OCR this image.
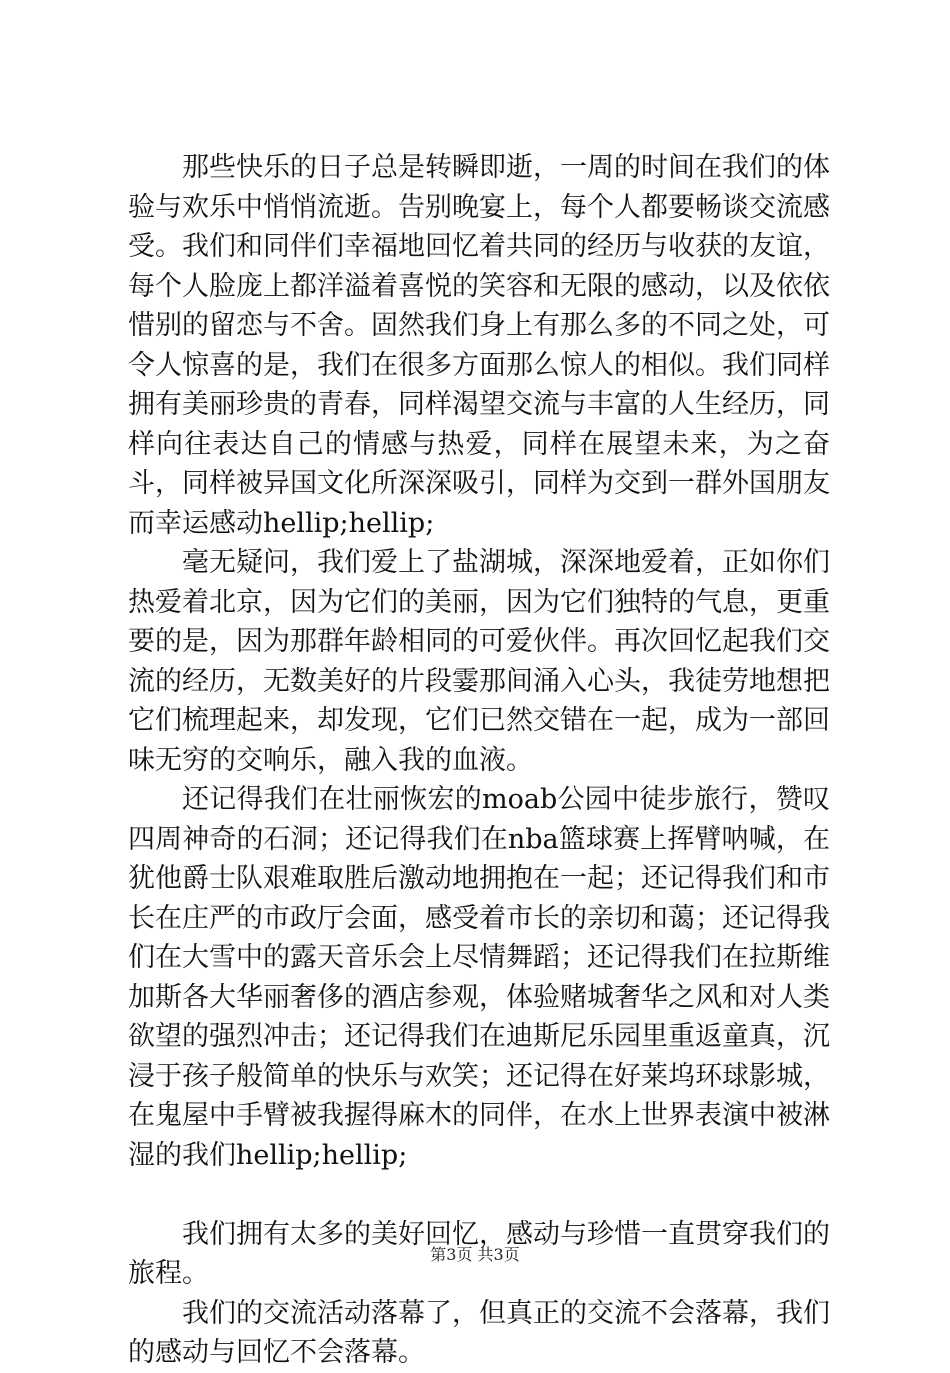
那些快乐的日子总是转瞬即逝，一周的时间在我们的体验与欢乐中悄悄流逝。告别晚宴上，每个人都要畅谈交流感受。我们和同伴们幸福地回忆着共同的经历与收获的友谊，每个人脸庞上都洋溢着喜悦的笑容和无限的感动，以及依依惜别的留恋与不舍。固然我们身上有那么多的不同之处，可令人惊喜的是，我们在很多方面那么惊人的相似。我们同样拥有美丽珍贵的青春，同样渴望交流与丰富的人生经历，同样向往表达自己的情感与热爱，同样在展望未来，为之奋斗，同样被异国文化所深深吸引，同样为交到一群外国朋友而幸运感动hellip;hellip;

毫无疑问，我们爱上了盐湖城，深深地爱着，正如你们热爱着北京，因为它们的美丽，因为它们独特的气息，更重要的是，因为那群年龄相同的可爱伙伴。再次回忆起我们交流的经历，无数美好的片段霎那间涌入心头，我徒劳地想把它们梳理起来，却发现，它们已然交错在一起，成为一部回味无穷的交响乐，融入我的血液。

还记得我们在壮丽恢宏的moab公园中徒步旅行，赞叹四周神奇的石洞；还记得我们在nba篮球赛上挥臂呐喊，在犹他爵士队艰难取胜后激动地拥抱在一起；还记得我们和市长在庄严的市政厅会面，感受着市长的亲切和蔼；还记得我们在大雪中的露天音乐会上尽情舞蹈；还记得我们在拉斯维加斯各大华丽奢侈的酒店参观，体验赌城奢华之风和对人类欲望的强烈冲击；还记得我们在迪斯尼乐园里重返童真，沉浸于孩子般简单的快乐与欢笑；还记得在好莱坞环球影城，在鬼屋中手臂被我握得麻木的同伴，在水上世界表演中被淋湿的我们hellip;hellip;

我们拥有太多的美好回忆，感动与珍惜一直贯穿我们的旅程。

我们的交流活动落幕了，但真正的交流不会落幕，我们的感动与回忆不会落幕。

第3页 共3页
